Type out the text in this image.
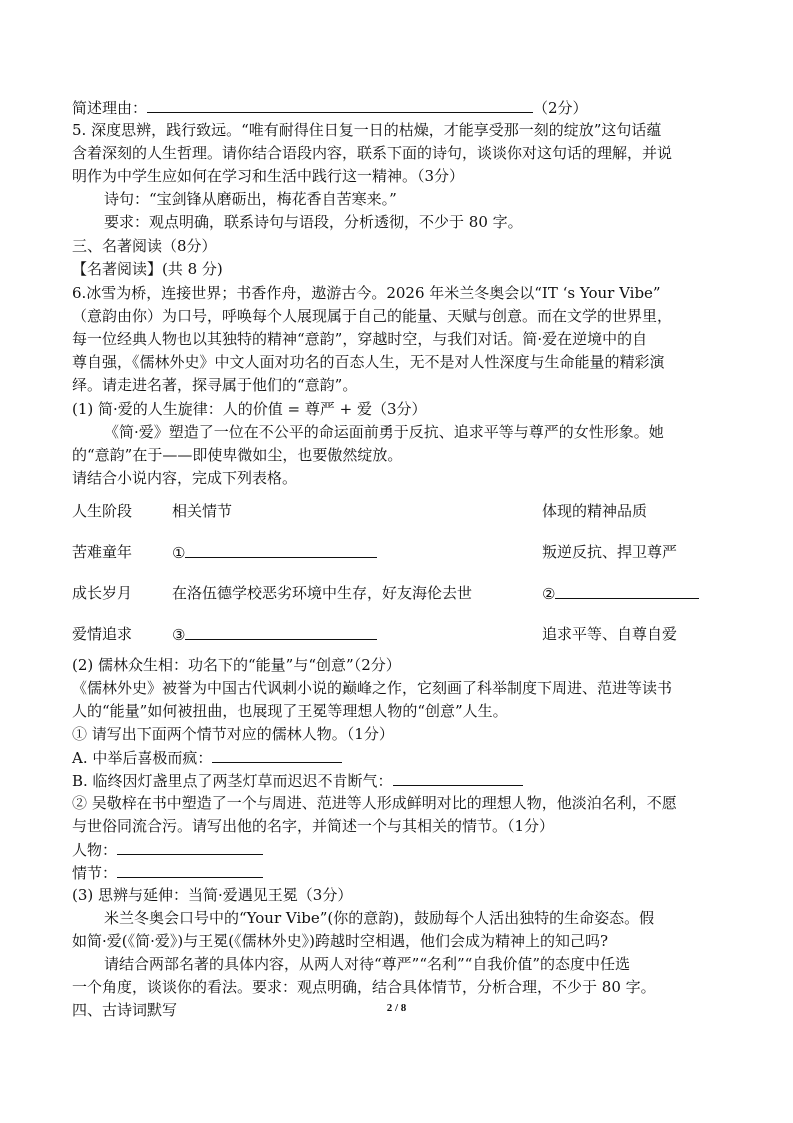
简述理由：	（2分）
5. 深度思辨，践行致远。“唯有耐得住日复一日的枯燥，才能享受那一刻的绽放”这句话蕴
含着深刻的人生哲理。请你结合语段内容，联系下面的诗句，谈谈你对这句话的理解，并说
明作为中学生应如何在学习和生活中践行这一精神。（3分）
诗句：“宝剑锋从磨砺出，梅花香自苦寒来。”
要求：观点明确，联系诗句与语段，分析透彻，不少于 80 字。
三、名著阅读（8分）
【名著阅读】(共 8 分)
6.冰雪为桥，连接世界；书香作舟，遨游古今。2026 年米兰冬奥会以“IT ‘s Your Vibe”
（意韵由你）为口号，呼唤每个人展现属于自己的能量、天赋与创意。而在文学的世界里，
每一位经典人物也以其独特的精神“意韵”，穿越时空，与我们对话。简·爱在逆境中的自
尊自强，《儒林外史》中文人面对功名的百态人生，无不是对人性深度与生命能量的精彩演
绎。请走进名著，探寻属于他们的“意韵”。
(1) 简·爱的人生旋律：人的价值 = 尊严 + 爱（3分）
《简·爱》塑造了一位在不公平的命运面前勇于反抗、追求平等与尊严的女性形象。她
的“意韵”在于——即使卑微如尘，也要傲然绽放。
请结合小说内容，完成下列表格。
人生阶段	相关情节	体现的精神品质
苦难童年	①	叛逆反抗、捍卫尊严
成长岁月	在洛伍德学校恶劣环境中生存，好友海伦去世	②
爱情追求	③	追求平等、自尊自爱
(2) 儒林众生相：功名下的“能量”与“创意”（2分）
《儒林外史》被誉为中国古代讽刺小说的巅峰之作，它刻画了科举制度下周进、范进等读书
人的“能量”如何被扭曲，也展现了王冕等理想人物的“创意”人生。
① 请写出下面两个情节对应的儒林人物。（1分）
A. 中举后喜极而疯：
B. 临终因灯盏里点了两茎灯草而迟迟不肯断气：
② 吴敬梓在书中塑造了一个与周进、范进等人形成鲜明对比的理想人物，他淡泊名利，不愿
与世俗同流合污。请写出他的名字，并简述一个与其相关的情节。（1分）
人物：
情节：
(3) 思辨与延伸：当简·爱遇见王冕（3分）
米兰冬奥会口号中的“Your Vibe”(你的意韵)，鼓励每个人活出独特的生命姿态。假
如简·爱(《简·爱》)与王冕(《儒林外史》)跨越时空相遇，他们会成为精神上的知己吗?
请结合两部名著的具体内容，从两人对待“尊严”“名利”“自我价值”的态度中任选
一个角度，谈谈你的看法。要求：观点明确，结合具体情节，分析合理，不少于 80 字。
四、古诗词默写	2 / 8
